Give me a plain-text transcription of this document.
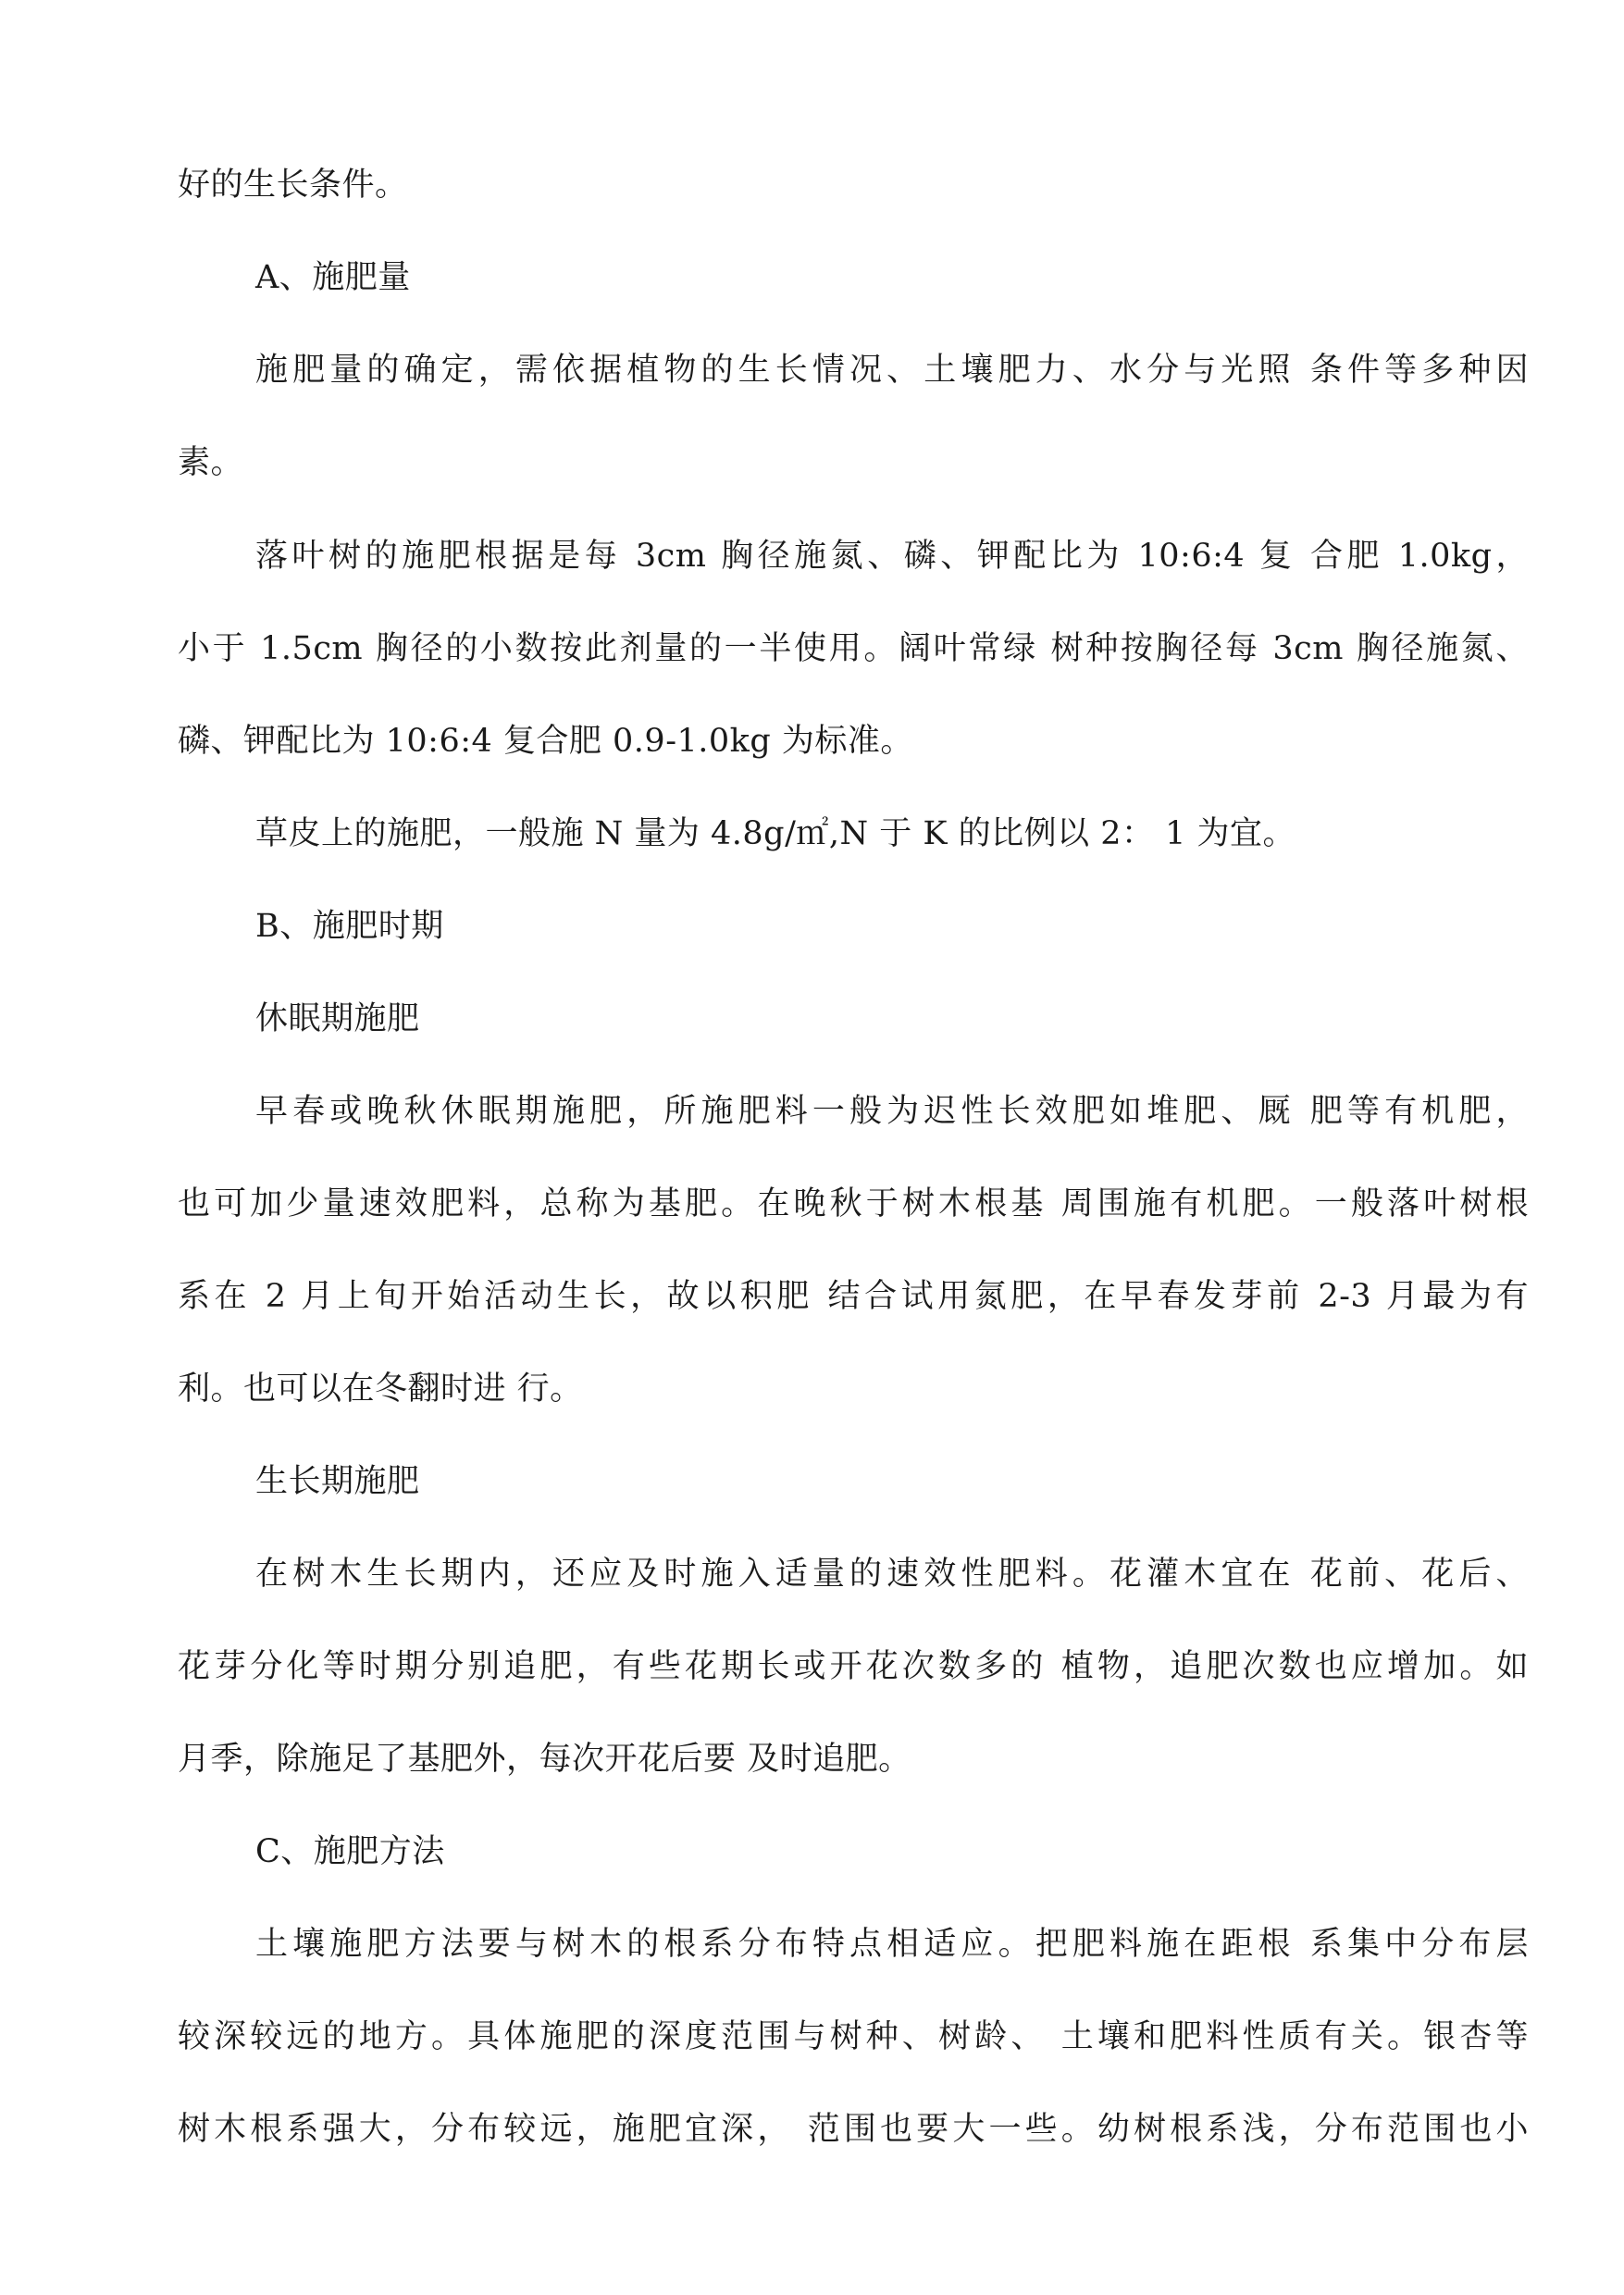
好的生长条件。
A、施肥量
施肥量的确定，需依据植物的生长情况、土壤肥力、水分与光照 条件等多种因
素。
落叶树的施肥根据是每 3cm 胸径施氮、磷、钾配比为 10:6:4 复 合肥 1.0kg，
小于 1.5cm 胸径的小数按此剂量的一半使用。阔叶常绿 树种按胸径每 3cm 胸径施氮、
磷、钾配比为 10:6:4 复合肥 0.9-1.0kg 为标准。
草皮上的施肥，一般施 N 量为 4.8g/㎡,N 于 K 的比例以 2： 1 为宜。
B、施肥时期
休眠期施肥
早春或晚秋休眠期施肥，所施肥料一般为迟性长效肥如堆肥、厩 肥等有机肥，
也可加少量速效肥料，总称为基肥。在晚秋于树木根基 周围施有机肥。一般落叶树根
系在 2 月上旬开始活动生长，故以积肥 结合试用氮肥，在早春发芽前 2-3 月最为有
利。也可以在冬翻时进 行。
生长期施肥
在树木生长期内，还应及时施入适量的速效性肥料。花灌木宜在 花前、花后、
花芽分化等时期分别追肥，有些花期长或开花次数多的 植物，追肥次数也应增加。如
月季，除施足了基肥外，每次开花后要 及时追肥。
C、施肥方法
土壤施肥方法要与树木的根系分布特点相适应。把肥料施在距根 系集中分布层
较深较远的地方。具体施肥的深度范围与树种、树龄、 土壤和肥料性质有关。银杏等
树木根系强大，分布较远，施肥宜深， 范围也要大一些。幼树根系浅，分布范围也小
